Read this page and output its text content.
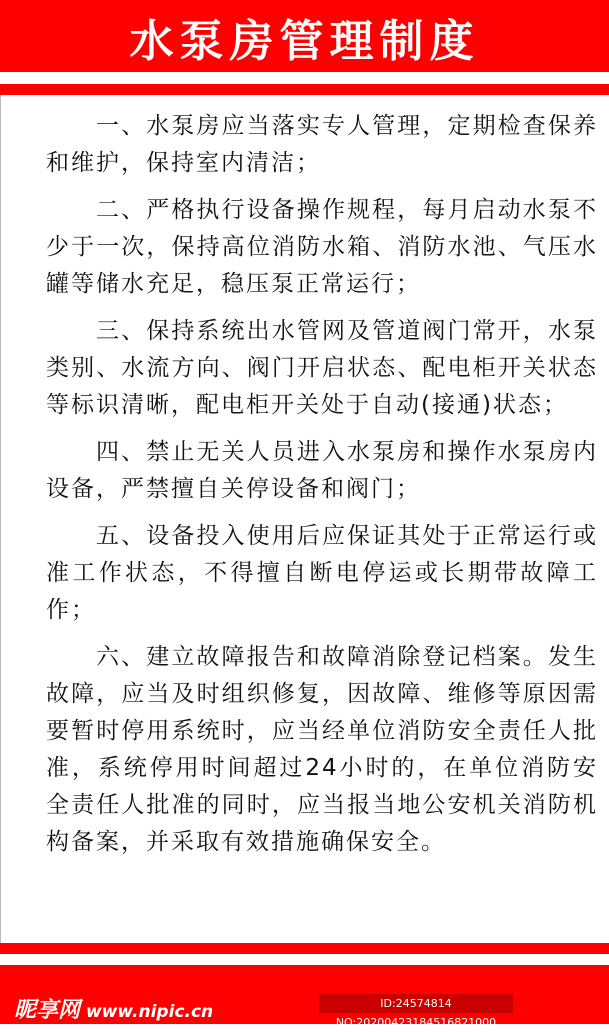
水泵房管理制度

一、水泵房应当落实专人管理，定期检查保养和维护，保持室内清洁；

二、严格执行设备操作规程，每月启动水泵不少于一次，保持高位消防水箱、消防水池、气压水罐等储水充足，稳压泵正常运行；

三、保持系统出水管网及管道阀门常开，水泵类别、水流方向、阀门开启状态、配电柜开关状态等标识清晰，配电柜开关处于自动(接通)状态；

四、禁止无关人员进入水泵房和操作水泵房内设备，严禁擅自关停设备和阀门；

五、设备投入使用后应保证其处于正常运行或准工作状态，不得擅自断电停运或长期带故障工作；

六、建立故障报告和故障消除登记档案。发生故障，应当及时组织修复，因故障、维修等原因需要暂时停用系统时，应当经单位消防安全责任人批准，系统停用时间超过24小时的，在单位消防安全责任人批准的同时，应当报当地公安机关消防机构备案，并采取有效措施确保安全。

昵享网 www.nipic.cn	ID:24574814 NO:20200423184516821000
